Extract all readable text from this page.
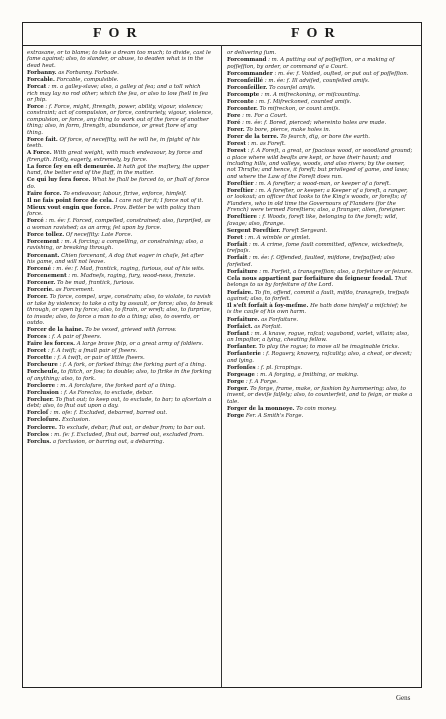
FOR	FOR

extrasane, or to blame; to take a dream too much; to divide, cast le fame against; also, to slander, or abuse, to deaden what is in the dead heat.

Forbanny. as Forbanny. Forbade.

Forcable. Forcable, compulsible.

Forcat : m. a galley-slave; also, a galley at ſea; and a toll which rich may lay no rod other; which the ſea, or also to low ſhell in ſea or ſhip.

Force : f. Force, might, ſtrength, power, ability, vigour, violence; constraint; act of compulsion, or force, contrariety, vigour, violence, compulsion, or force, any thing to work out of the force of another thing; also, in form, ſtrength, abundance, or great ſtore of any thing.

Force fait. Of force, of neceſſity, will he will he, in ſpight of his teeth.

A Force. With great weight, with much endeavour, by force and ſtrength. Hotly, eagerly, extremely, by force.

La force ſey en eſt demeurée. It hath got the maſtery, the upper hand, the better end of the ſtaff, in the matter.

Ce qui luy ſera force. What he ſhall be forced to, or ſhall of force do.

Faire force. To endeavour, labour, ſtrive, enforce, himſelf.

Il ne fais point force de cela. I care not for it; I force not of it.

Mieux vout engin que force. Prov. Better be with policy than force.

Forcé : m. ée: f. Forced, compelled, constrained; also, ſurpriſed, as a woman ravished; as an army, ſet upon by force.

Force tollez. Of neceſſity: Late Force.

Forcement : m. A forcing; a compelling, or constraining; also, a ravishing, or breaking through.

Forcenant. Chien forcenant, A dog that eager in chaſe, ſet after his game, and will not leave.

Forcené : m. ée: f. Mad, frantick, raging, furious, out of his wits.

Forcenement : m. Madneſs, raging, fury, wood-ness, frenzie.

Forcener. To be mad, frantick, furious.

Forcerie. as Forcement.

Forcer. To force, compel, urge, constrain; also, to violate, to ravish or take by violence; to take a city by assault, or force; also, to break through, or open by force; also, to ſtrain, or wreſt; also, to ſurprize, to invade; also, to force a man to do a thing; also, to overdo, or outdo.

Forcer de la haine. To be vexed, grieved with ſorrow.

Forces : f. A pair of ſheers.

Faire les forces. A large brave ſhip, or a great army of ſoldiers.

Forcet : f. A twiſt; a ſmall pair of ſheers.

Forcette : f. A twiſt, or pair of little ſheers.

Forcheure : f. A fork, or forked thing; the forking part of a thing.

Forcheuſe, to ſtitch, or ſow; to double; also, to ſtrike in the forking of anything; also, to fork.

Forclorre : m. A forcloſure, the forked part of a thing.

Forclusion : f. As Foreclos, to exclude, debar.

Forcluer. To ſhut out; to keep out, to exclude, to bar; to aſcertain a debt; also, to ſhut out upon a day.

Forcloſ : m. oſe: f. Excluded, debarred, barred out.

Forcloſure. Exclusion.

Forclorre. To exclude, debar, ſhut out, or debar from; to bar out.

Forclos : m. ſe: f. Excluded, ſhut out, barred out, excluded from.

Forclus. a forclusion, or barring out, a debarring.

or delivering ſum.

Forcommand : m. A putting out of poſſeſſion, or a making of poſſeſſion, by order, or command of a Court.

Forcommander : m. ée: f. Voided, ouſted, or put out of poſſeſſion.

Forconſeillé : m. ée: f. Ill adviſed, counſelled amiſs.

Forconſeiller. To counſel amiſs.

Forcompte : m. A miſreckoning, or miſcounting.

Forconte : m. ſ. Miſreckoned, counted amiſs.

Forconter. To miſreckon, or count amiſs.

Fore : m. For a Court.

Foré : m. ée: f. Bored, pierced; whereinto holes are made.

Forer. To bore, pierce, make holes in.

Forer de la terre. To ſearch, dig, or bore the earth.

Forest : m. as Foreſt.

Forest : f. A Foreſt, a great, or ſpacious wood, or woodland ground; a place where wild beaſts are kept, or have their haunt; and including hills, and valleys, woods, and also rivers; by the owner, not Thruſte; and hence, it foreſt; but privileged of game, and laws; and where the Law of the Foreſt does run.

Foreſtier : m. A foreſter; a wood-man, or keeper of a foreſt.

Foreſtier : m. A foreſter, or keeper; a Keeper of a foreſt, a ranger, or lookout; an officer that looks to the King's woods, or foreſts; of Flanders, who in old time the Governours of Flanders (for the French) were termed Foreſtiers; also, a ſtranger, alien, foreigner.

Foreſtiere : f. Woods, foreſt like, belonging to the foreſt; wild, ſavage; also, ſtrange.

Sergent Foreſtier. Foreſt Sergeant.

Foret : m. A wimble or gimlet.

Forfait : m. A crime, ſome fault committed, offence, wickedneſs, treſpaſs.

Forfait : m. ée: f. Offended, faulted, miſdone, treſpaſſed; also forfeited.

Forfaiture : m. Forfeit, a transgreſſion; also, a forfeiture or ſeizure.

Cela nous appartient par forfaiture du ſeigneur feodal. That belongs to us by forfeiture of the Lord.

Forfaire. To ſin, offend, commit a fault, miſdo, transgreſs, treſpaſs against; also, to forfeit.

Il s'eſt forfait à ſoy-meſme. He hath done himſelf a miſchief; he is the cauſe of his own harm.

Forfaiture. as Forfaiture.

Forfaict. as Forfait.

Forfant : m. A knave, rogue, raſcal; vagabond, varlet, villain; also, an Impoſtor, a lying, cheating fellow.

Forfanter. To play the rogue; to move all he imaginable tricks.

Forfanterie : f. Roguery, knavery, raſcality; also, a cheat, or deceit; and lying.

Forfonſes : f. pl. ſcrapings.

Forgeage : m. A forging, a ſmithing, or making.

Forge : f. A Forge.

Forger. To forge, frame, make, or fashion by hammering; also, to invent, or deviſe falſely; also, to counterfeit, and to feign, or make a tale.

Forger de la monnoye. To coin money.

Forge Fer. A Smith's Forge.

Gens
